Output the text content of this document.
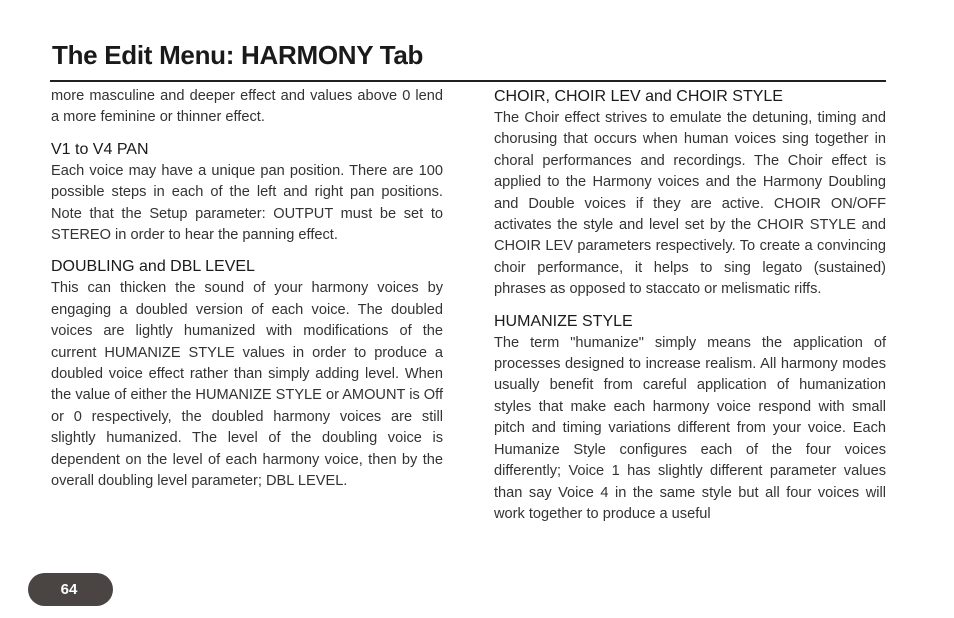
The Edit Menu: HARMONY Tab

more masculine and deeper effect and values above 0 lend a more feminine or thinner effect.

V1 to V4 PAN

Each voice may have a unique pan position. There are 100 possible steps in each of the left and right pan positions. Note that the Setup parameter: OUTPUT must be set to STEREO in order to hear the panning effect.

DOUBLING and DBL LEVEL

This can thicken the sound of your harmony voices by engaging a doubled version of each voice. The doubled voices are lightly humanized with modifications of the current HUMANIZE STYLE values in order to produce a doubled voice effect rather than simply adding level. When the value of either the HUMANIZE STYLE or AMOUNT is Off or 0 respectively, the doubled harmony voices are still slightly humanized. The level of the doubling voice is dependent on the level of each harmony voice, then by the overall doubling level parameter; DBL LEVEL.

CHOIR, CHOIR LEV and CHOIR STYLE

The Choir effect strives to emulate the detuning, timing and chorusing that occurs when human voices sing together in choral performances and recordings. The Choir effect is applied to the Harmony voices and the Harmony Doubling and Double voices if they are active. CHOIR ON/OFF activates the style and level set by the CHOIR STYLE and CHOIR LEV parameters respectively. To create a convincing choir performance, it helps to sing legato (sustained) phrases as opposed to staccato or melismatic riffs.

HUMANIZE STYLE

The term "humanize" simply means the application of processes designed to increase realism. All harmony modes usually benefit from careful application of humanization styles that make each harmony voice respond with small pitch and timing variations different from your voice. Each Humanize Style configures each of the four voices differently; Voice 1 has slightly different parameter values than say Voice 4 in the same style but all four voices will work together to produce a useful

64
